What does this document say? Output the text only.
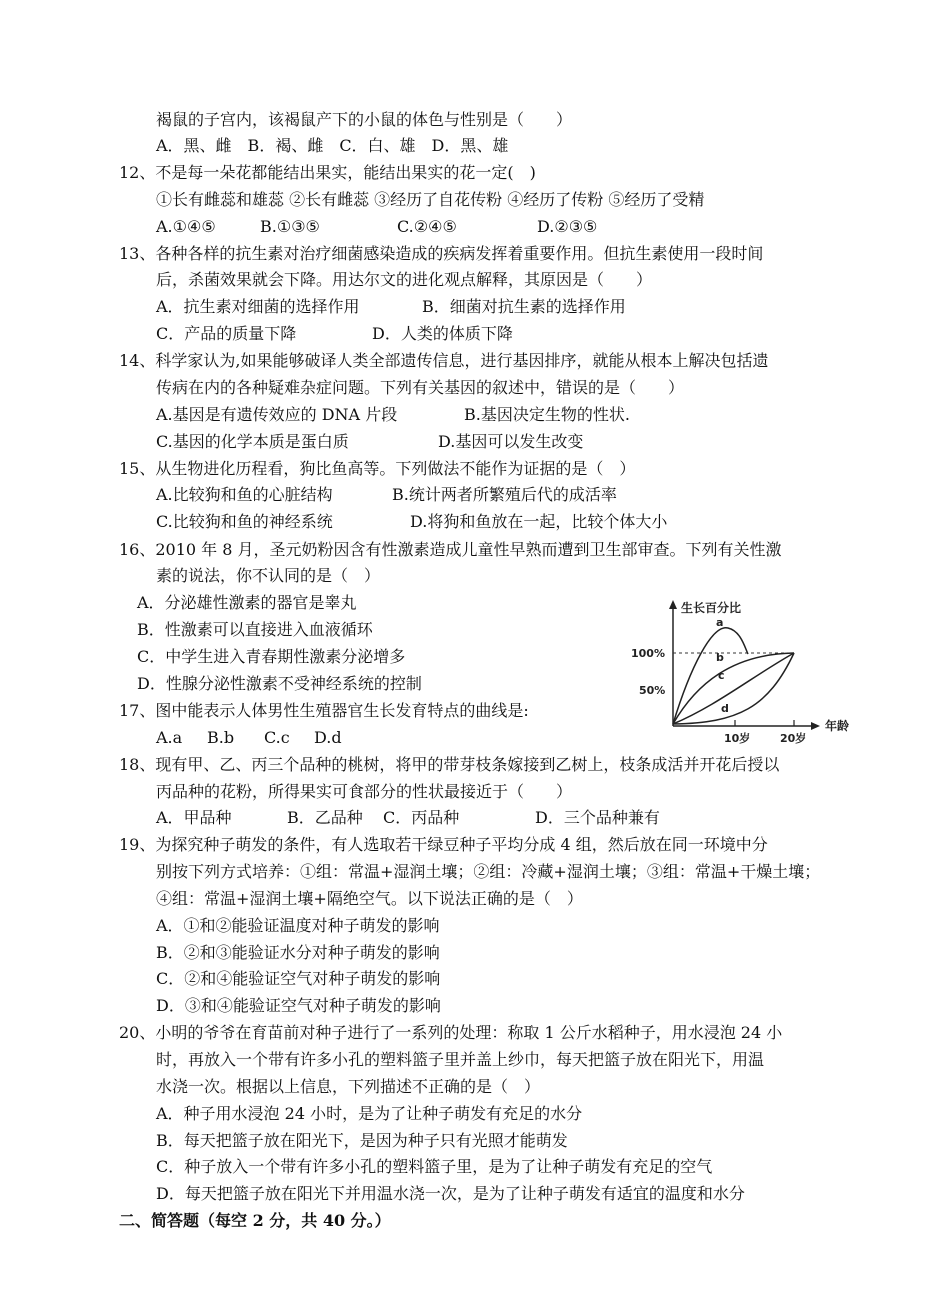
褐鼠的子宫内，该褐鼠产下的小鼠的体色与性别是（　　）
A．黑、雌　B．褐、雌　C．白、雄　D．黑、雄
12、不是每一朵花都能结出果实，能结出果实的花一定(　)
①长有雌蕊和雄蕊 ②长有雌蕊 ③经历了自花传粉 ④经历了传粉 ⑤经历了受精
A.①④⑤	B.①③⑤	C.②④⑤	D.②③⑤
13、各种各样的抗生素对治疗细菌感染造成的疾病发挥着重要作用。但抗生素使用一段时间
后，杀菌效果就会下降。用达尔文的进化观点解释，其原因是（　　）
A．抗生素对细菌的选择作用	B．细菌对抗生素的选择作用
C．产品的质量下降	D．人类的体质下降
14、科学家认为,如果能够破译人类全部遗传信息，进行基因排序，就能从根本上解决包括遗
传病在内的各种疑难杂症问题。下列有关基因的叙述中，错误的是（　　）
A.基因是有遗传效应的 DNA 片段	B.基因决定生物的性状.
C.基因的化学本质是蛋白质	D.基因可以发生改变
15、从生物进化历程看，狗比鱼高等。下列做法不能作为证据的是（　）
A.比较狗和鱼的心脏结构	B.统计两者所繁殖后代的成活率
C.比较狗和鱼的神经系统	D.将狗和鱼放在一起，比较个体大小
16、2010 年 8 月，圣元奶粉因含有性激素造成儿童性早熟而遭到卫生部审查。下列有关性激
素的说法，你不认同的是（　）
A．分泌雄性激素的器官是睾丸
B．性激素可以直接进入血液循环
C．中学生进入青春期性激素分泌增多
D．性腺分泌性激素不受神经系统的控制
17、图中能表示人体男性生殖器官生长发育特点的曲线是:
A.a B.b C.c D.d
生长百分比
年龄
100%
50%
10岁	20岁
a
b
c
d
18、现有甲、乙、丙三个品种的桃树，将甲的带芽枝条嫁接到乙树上，枝条成活并开花后授以
丙品种的花粉，所得果实可食部分的性状最接近于（　　）
A．甲品种	B．乙品种 C．丙品种	D．三个品种兼有
19、为探究种子萌发的条件，有人选取若干绿豆种子平均分成 4 组，然后放在同一环境中分
别按下列方式培养：①组：常温+湿润土壤；②组：冷藏+湿润土壤；③组：常温+干燥土壤；
④组：常温+湿润土壤+隔绝空气。以下说法正确的是（　）
A．①和②能验证温度对种子萌发的影响
B．②和③能验证水分对种子萌发的影响
C．②和④能验证空气对种子萌发的影响
D．③和④能验证空气对种子萌发的影响
20、小明的爷爷在育苗前对种子进行了一系列的处理：称取 1 公斤水稻种子，用水浸泡 24 小
时，再放入一个带有许多小孔的塑料篮子里并盖上纱巾，每天把篮子放在阳光下，用温
水浇一次。根据以上信息，下列描述不正确的是（　）
A．种子用水浸泡 24 小时，是为了让种子萌发有充足的水分
B．每天把篮子放在阳光下，是因为种子只有光照才能萌发
C．种子放入一个带有许多小孔的塑料篮子里，是为了让种子萌发有充足的空气
D．每天把篮子放在阳光下并用温水浇一次，是为了让种子萌发有适宜的温度和水分
二、简答题（每空 2 分，共 40 分。）
